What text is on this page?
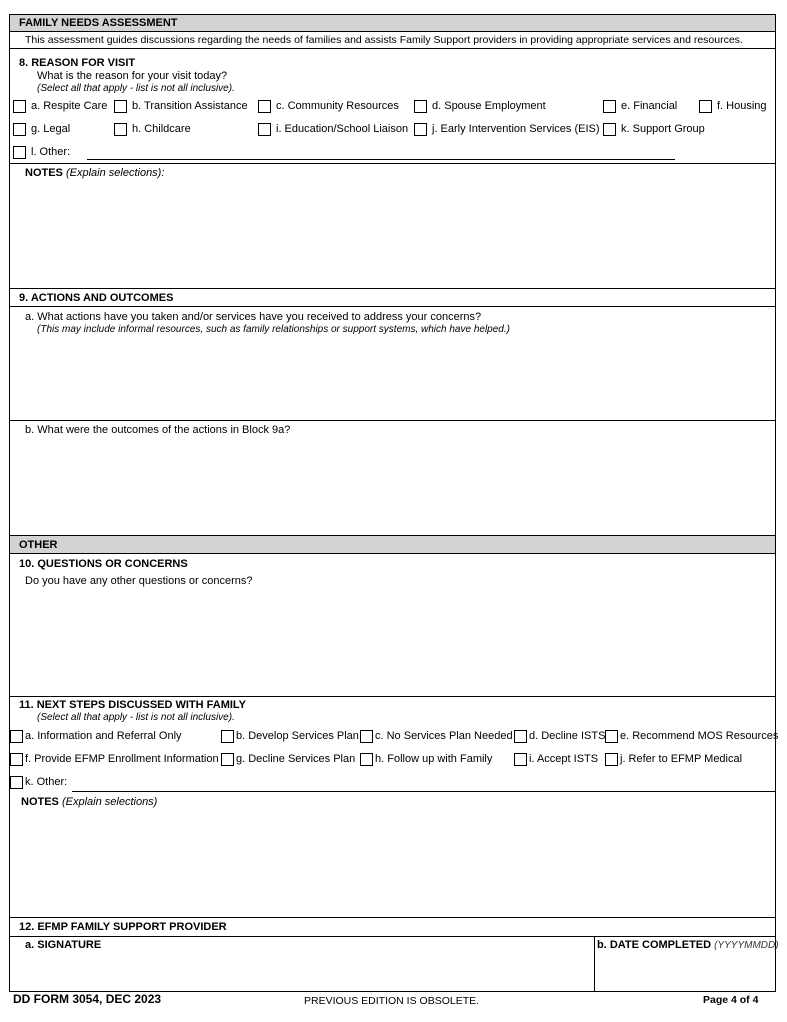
FAMILY NEEDS ASSESSMENT
This assessment guides discussions regarding the needs of families and assists Family Support providers in providing appropriate services and resources.
8. REASON FOR VISIT
What is the reason for your visit today?
(Select all that apply - list is not all inclusive).
a. Respite Care b. Transition Assistance	c. Community Resources	d. Spouse Employment	e. Financial	f. Housing
g. Legal	h. Childcare	i. Education/School Liaison j. Early Intervention Services (EIS) k. Support Group
l. Other:
NOTES (Explain selections):
9. ACTIONS AND OUTCOMES
a. What actions have you taken and/or services have you received to address your concerns?
(This may include informal resources, such as family relationships or support systems, which have helped.)
b. What were the outcomes of the actions in Block 9a?
OTHER
10. QUESTIONS OR CONCERNS
Do you have any other questions or concerns?
11. NEXT STEPS DISCUSSED WITH FAMILY
(Select all that apply - list is not all inclusive).
a. Information and Referral Only	b. Develop Services Plan c. No Services Plan Needed d. Decline ISTS e. Recommend MOS Resources
f. Provide EFMP Enrollment Information g. Decline Services Plan h. Follow up with Family	i. Accept ISTS j. Refer to EFMP Medical
k. Other:
NOTES (Explain selections)
12. EFMP FAMILY SUPPORT PROVIDER
a. SIGNATURE	b. DATE COMPLETED (YYYYMMDD)
DD FORM 3054, DEC 2023	PREVIOUS EDITION IS OBSOLETE.	Page 4 of 4
